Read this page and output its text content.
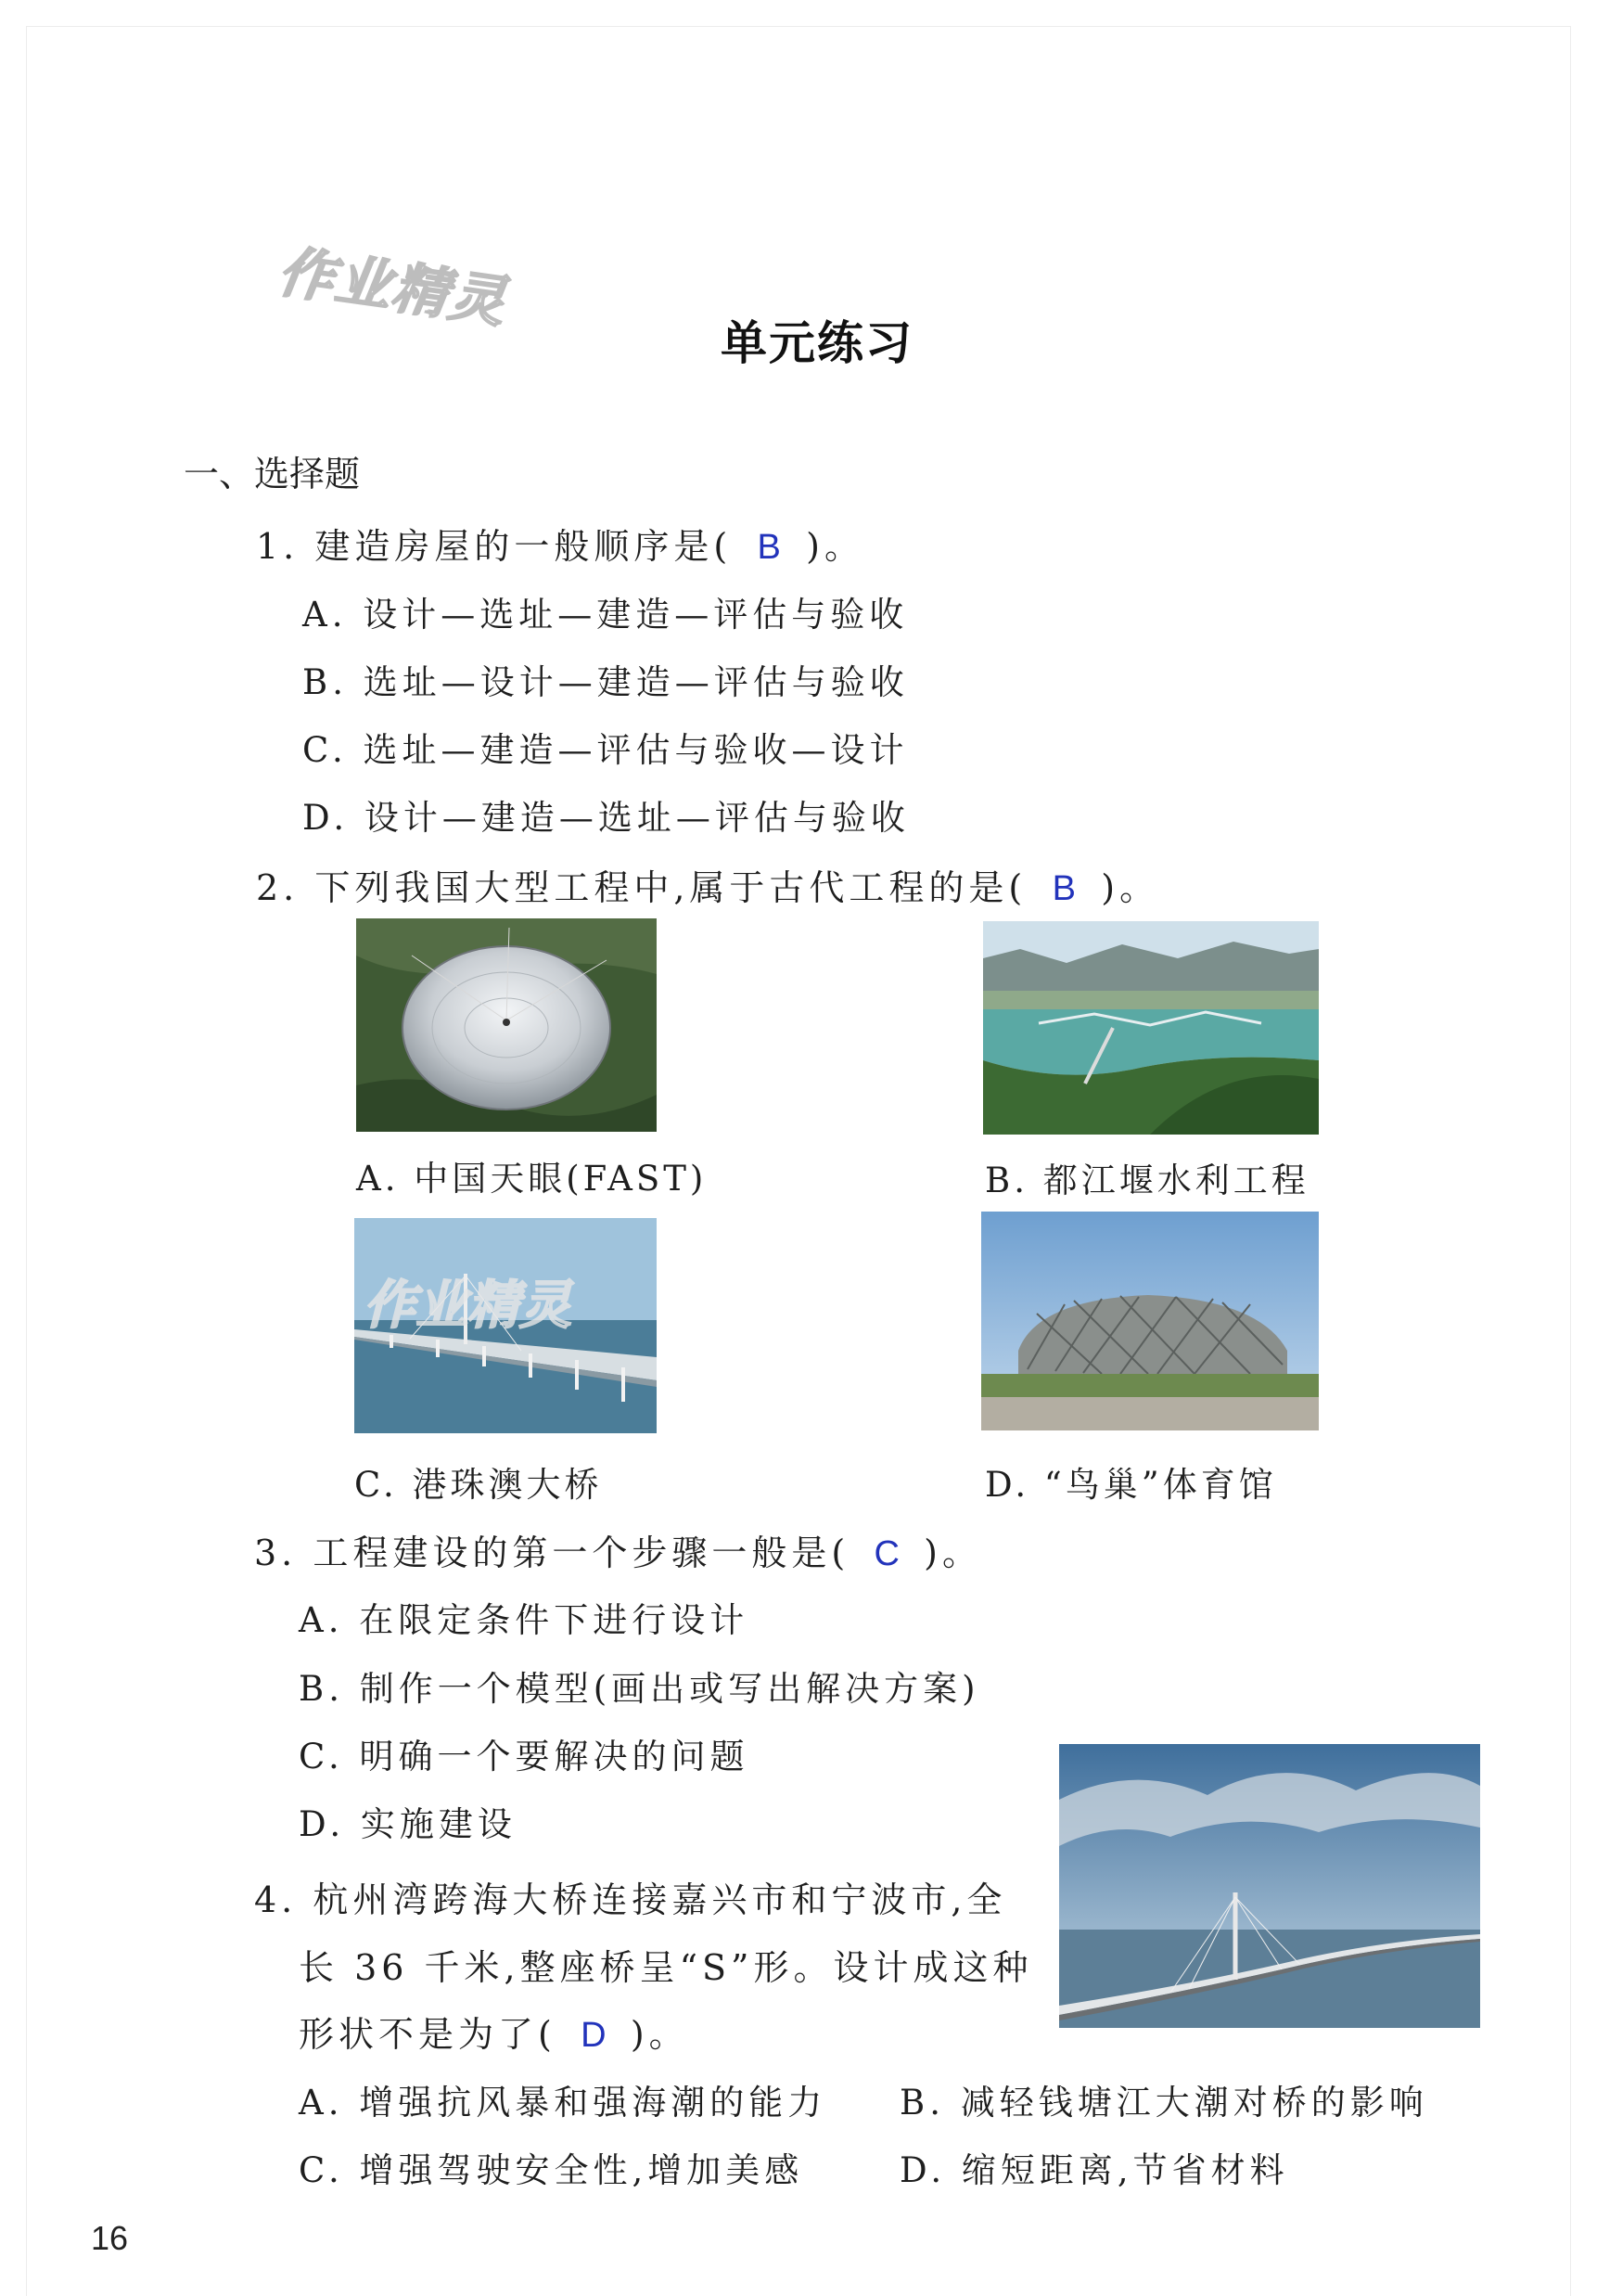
作业精灵
单元练习
一、选择题
1. 建造房屋的一般顺序是( B )。
A. 设计—选址—建造—评估与验收
B. 选址—设计—建造—评估与验收
C. 选址—建造—评估与验收—设计
D. 设计—建造—选址—评估与验收
2. 下列我国大型工程中,属于古代工程的是( B )。
A. 中国天眼(FAST)	B. 都江堰水利工程
作业精灵
C. 港珠澳大桥	D. “鸟巢”体育馆
3. 工程建设的第一个步骤一般是( C )。
A. 在限定条件下进行设计
B. 制作一个模型(画出或写出解决方案)
C. 明确一个要解决的问题
D. 实施建设
4. 杭州湾跨海大桥连接嘉兴市和宁波市,全
长 36 千米,整座桥呈“S”形。设计成这种
形状不是为了( D )。
A. 增强抗风暴和强海潮的能力 B. 减轻钱塘江大潮对桥的影响
C. 增强驾驶安全性,增加美感	D. 缩短距离,节省材料
16
